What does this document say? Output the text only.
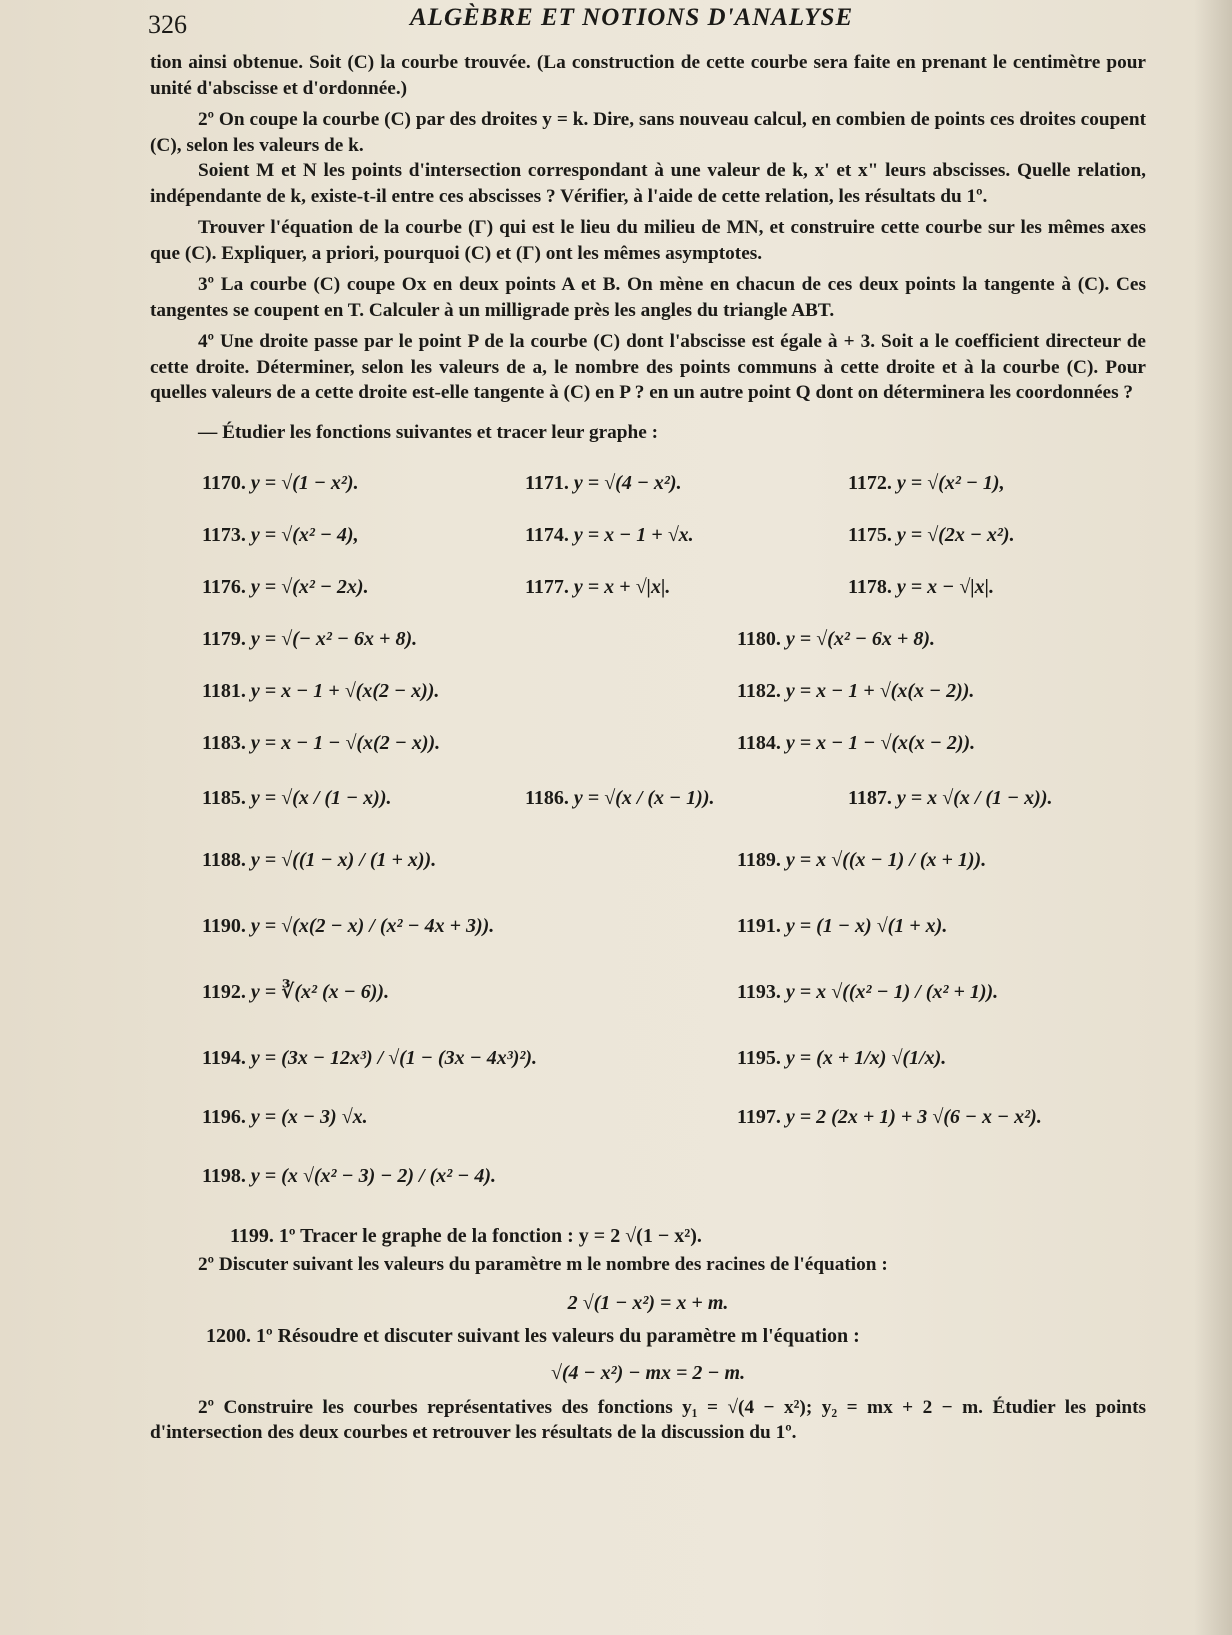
326	ALGÈBRE ET NOTIONS D'ANALYSE

tion ainsi obtenue. Soit (C) la courbe trouvée. (La construction de cette courbe sera faite en prenant le centimètre pour unité d'abscisse et d'ordonnée.)

2º On coupe la courbe (C) par des droites y = k. Dire, sans nouveau calcul, en combien de points ces droites coupent (C), selon les valeurs de k.

Soient M et N les points d'intersection correspondant à une valeur de k, x' et x" leurs abscisses. Quelle relation, indépendante de k, existe-t-il entre ces abscisses ? Vérifier, à l'aide de cette relation, les résultats du 1º.

Trouver l'équation de la courbe (Γ) qui est le lieu du milieu de MN, et construire cette courbe sur les mêmes axes que (C). Expliquer, a priori, pourquoi (C) et (Γ) ont les mêmes asymptotes.

3º La courbe (C) coupe Ox en deux points A et B. On mène en chacun de ces deux points la tangente à (C). Ces tangentes se coupent en T. Calculer à un milligrade près les angles du triangle ABT.

4º Une droite passe par le point P de la courbe (C) dont l'abscisse est égale à + 3. Soit a le coefficient directeur de cette droite. Déterminer, selon les valeurs de a, le nombre des points communs à cette droite et à la courbe (C). Pour quelles valeurs de a cette droite est-elle tangente à (C) en P ? en un autre point Q dont on déterminera les coordonnées ?

— Étudier les fonctions suivantes et tracer leur graphe :

1170. y = √(1 − x²).	1171. y = √(4 − x²).	1172. y = √(x² − 1),
1173. y = √(x² − 4),	1174. y = x − 1 + √x.	1175. y = √(2x − x²).
1176. y = √(x² − 2x).	1177. y = x + √|x|.	1178. y = x − √|x|.
1179. y = √(− x² − 6x + 8).	1180. y = √(x² − 6x + 8).
1181. y = x − 1 + √(x(2 − x)).	1182. y = x − 1 + √(x(x − 2)).
1183. y = x − 1 − √(x(2 − x)).	1184. y = x − 1 − √(x(x − 2)).
1185. y = √(x / (1 − x)).	1186. y = √(x / (x − 1)).	1187. y = x √(x / (1 − x)).
1188. y = √((1 − x) / (1 + x)).	1189. y = x √((x − 1) / (x + 1)).
1190. y = √(x(2 − x) / (x² − 4x + 3)).	1191. y = (1 − x) √(1 + x).
1192. y = ∛(x² (x − 6)).	1193. y = x √((x² − 1) / (x² + 1)).
1194. y = (3x − 12x³) / √(1 − (3x − 4x³)²).	1195. y = (x + 1/x) √(1/x).
1196. y = (x − 3) √x.	1197. y = 2 (2x + 1) + 3 √(6 − x − x²).
1198. y = (x √(x² − 3) − 2) / (x² − 4).
1199. 1º Tracer le graphe de la fonction : y = 2 √(1 − x²).

2º Discuter suivant les valeurs du paramètre m le nombre des racines de l'équation :

2 √(1 − x²) = x + m.
1200. 1º Résoudre et discuter suivant les valeurs du paramètre m l'équation :
√(4 − x²) − mx = 2 − m.

2º Construire les courbes représentatives des fonctions y₁ = √(4 − x²); y₂ = mx + 2 − m. Étudier les points d'intersection des deux courbes et retrouver les résultats de la discussion du 1º.
